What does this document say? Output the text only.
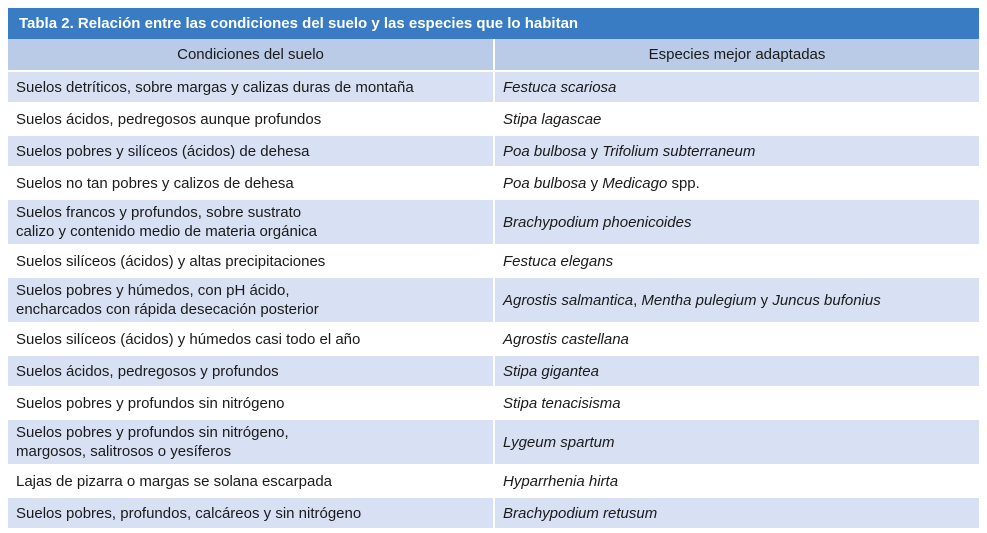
Tabla 2. Relación entre las condiciones del suelo y las especies que lo habitan
Condiciones del suelo	Especies mejor adaptadas
Suelos detríticos, sobre margas y calizas duras de montaña	Festuca scariosa
Suelos ácidos, pedregosos aunque profundos	Stipa lagascae
Suelos pobres y silíceos (ácidos) de dehesa	Poa bulbosa y Trifolium subterraneum
Suelos no tan pobres y calizos de dehesa	Poa bulbosa y Medicago spp.
Suelos francos y profundos, sobre sustrato
calizo y contenido medio de materia orgánica	Brachypodium phoenicoides
Suelos silíceos (ácidos) y altas precipitaciones	Festuca elegans
Suelos pobres y húmedos, con pH ácido,
encharcados con rápida desecación posterior	Agrostis salmantica, Mentha pulegium y Juncus bufonius
Suelos silíceos (ácidos) y húmedos casi todo el año	Agrostis castellana
Suelos ácidos, pedregosos y profundos	Stipa gigantea
Suelos pobres y profundos sin nitrógeno	Stipa tenacisisma
Suelos pobres y profundos sin nitrógeno,
margosos, salitrosos o yesíferos	Lygeum spartum
Lajas de pizarra o margas se solana escarpada	Hyparrhenia hirta
Suelos pobres, profundos, calcáreos y sin nitrógeno	Brachypodium retusum
